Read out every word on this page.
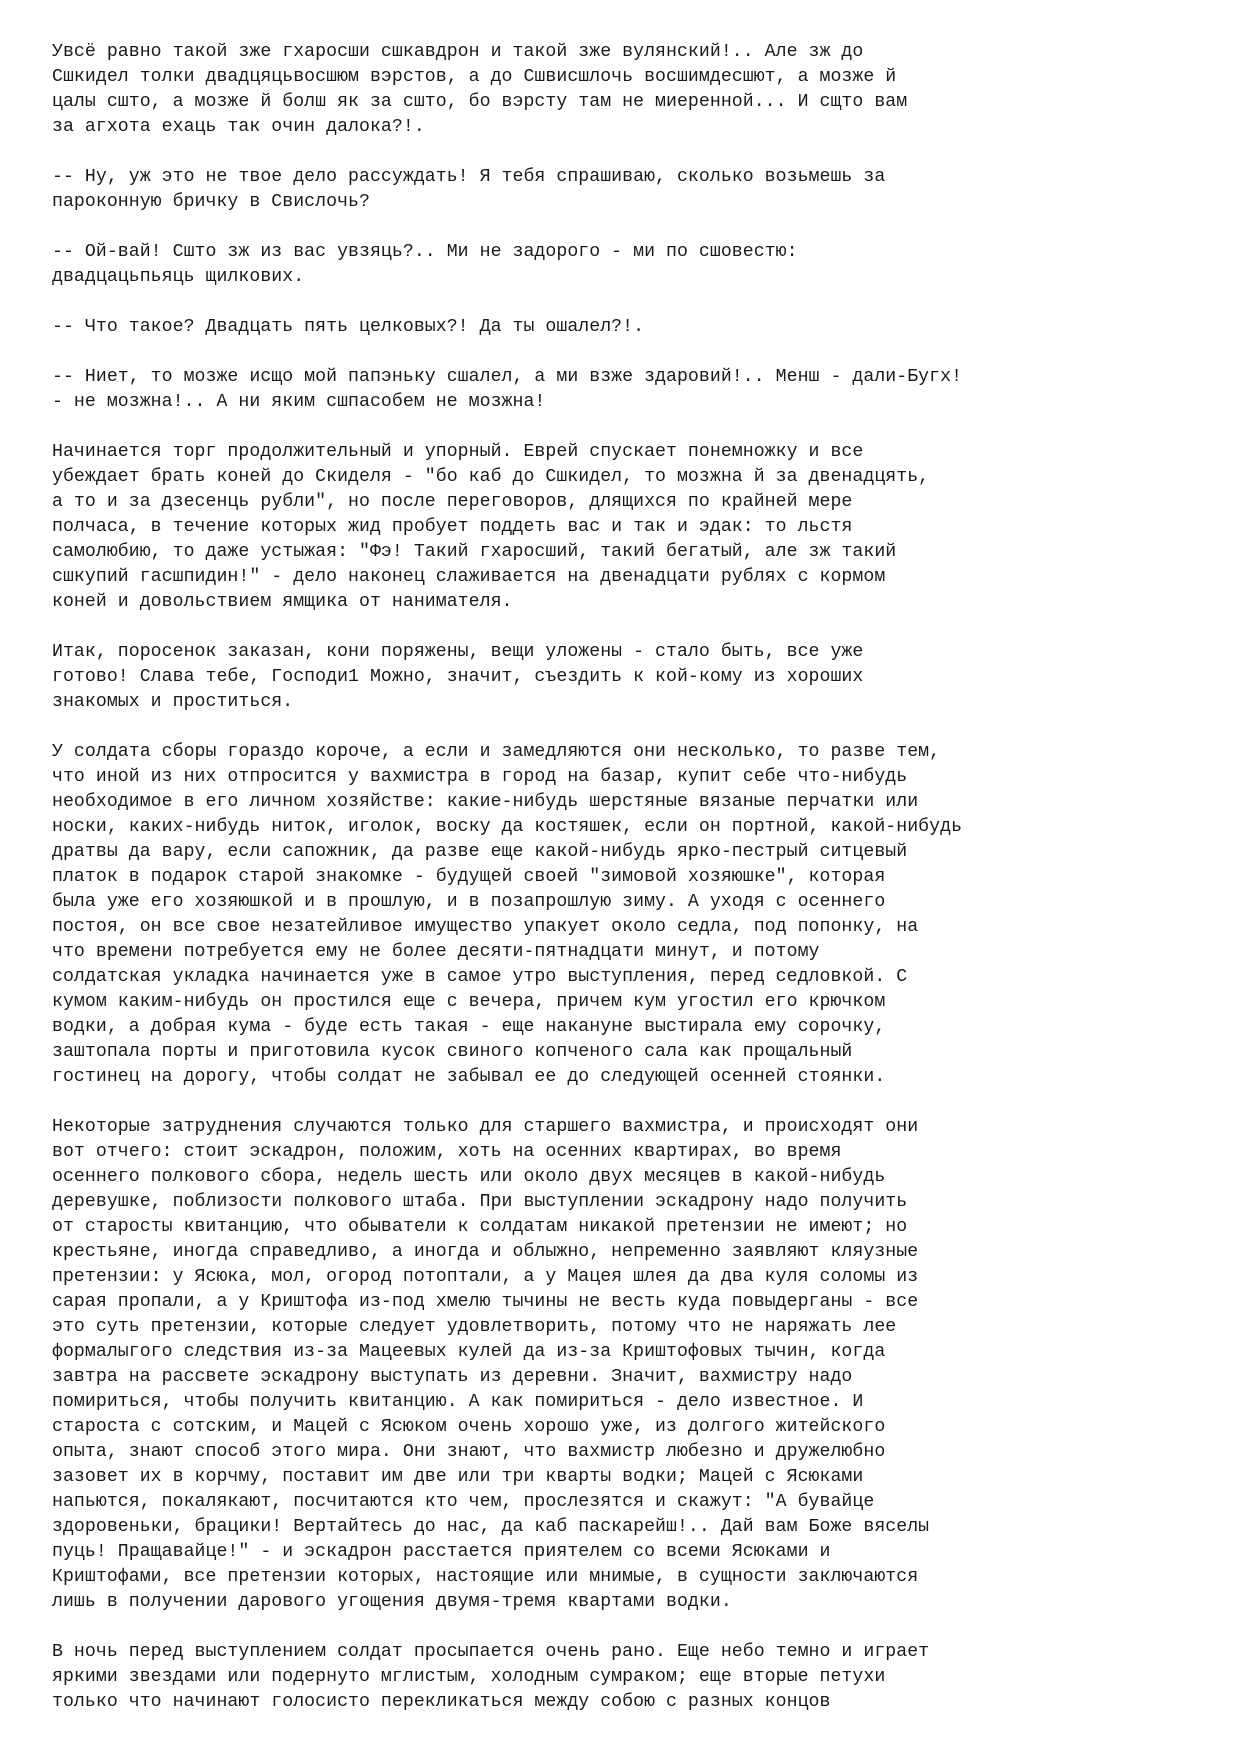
Увсё равно такой зже гхаросши сшкавдрон и такой зже вулянский!.. Але зж до
Сшкидел толки двадцяцьвосшюм вэрстов, а до Сшвисшлочь восшимдесшют, а мозже й
цалы сшто, а мозже й болш як за сшто, бо вэрсту там не миеренной... И сщто вам
за агхота ехаць так очин далока?!.
-- Ну, уж это не твое дело рассуждать! Я тебя спрашиваю, сколько возьмешь за
пароконную бричку в Свислочь?
-- Ой-вай! Сшто зж из вас увзяць?.. Ми не задорого - ми по сшовестю:
двадцацьпьяць щилкових.
-- Что такое? Двадцать пять целковых?! Да ты ошалел?!.
-- Ниет, то мозже исщо мой папэньку сшалел, а ми взже здаровий!.. Менш - дали-Бугх!
- не мозжна!.. А ни яким сшпасобем не мозжна!
Начинается торг продолжительный и упорный. Еврей спускает понемножку и все
убеждает брать коней до Скиделя - "бо каб до Сшкидел, то мозжна й за двенадцять,
а то и за дзесенць рубли", но после переговоров, длящихся по крайней мере
полчаса, в течение которых жид пробует поддеть вас и так и эдак: то льстя
самолюбию, то даже устыжая: "Фэ! Такий гхаросший, такий бегатый, але зж такий
сшкупий гасшпидин!" - дело наконец слаживается на двенадцати рублях с кормом
коней и довольствием ямщика от нанимателя.
Итак, поросенок заказан, кони поряжены, вещи уложены - стало быть, все уже
готово! Слава тебе, Господи1 Можно, значит, съездить к кой-кому из хороших
знакомых и проститься.
У солдата сборы гораздо короче, а если и замедляются они несколько, то разве тем,
что иной из них отпросится у вахмистра в город на базар, купит себе что-нибудь
необходимое в его личном хозяйстве: какие-нибудь шерстяные вязаные перчатки или
носки, каких-нибудь ниток, иголок, воску да костяшек, если он портной, какой-нибудь
дратвы да вару, если сапожник, да разве еще какой-нибудь ярко-пестрый ситцевый
платок в подарок старой знакомке - будущей своей "зимовой хозяюшке", которая
была уже его хозяюшкой и в прошлую, и в позапрошлую зиму. А уходя с осеннего
постоя, он все свое незатейливое имущество упакует около седла, под попонку, на
что времени потребуется ему не более десяти-пятнадцати минут, и потому
солдатская укладка начинается уже в самое утро выступления, перед седловкой. С
кумом каким-нибудь он простился еще с вечера, причем кум угостил его крючком
водки, а добрая кума - буде есть такая - еще накануне выстирала ему сорочку,
заштопала порты и приготовила кусок свиного копченого сала как прощальный
гостинец на дорогу, чтобы солдат не забывал ее до следующей осенней стоянки.
Некоторые затруднения случаются только для старшего вахмистра, и происходят они
вот отчего: стоит эскадрон, положим, хоть на осенних квартирах, во время
осеннего полкового сбора, недель шесть или около двух месяцев в какой-нибудь
деревушке, поблизости полкового штаба. При выступлении эскадрону надо получить
от старосты квитанцию, что обыватели к солдатам никакой претензии не имеют; но
крестьяне, иногда справедливо, а иногда и облыжно, непременно заявляют кляузные
претензии: у Ясюка, мол, огород потоптали, а у Мацея шлея да два куля соломы из
сарая пропали, а у Криштофа из-под хмелю тычины не весть куда повыдерганы - все
это суть претензии, которые следует удовлетворить, потому что не наряжать лее
формалыгого следствия из-за Мацеевых кулей да из-за Криштофовых тычин, когда
завтра на рассвете эскадрону выступать из деревни. Значит, вахмистру надо
помириться, чтобы получить квитанцию. А как помириться - дело известное. И
староста с сотским, и Мацей с Ясюком очень хорошо уже, из долгого житейского
опыта, знают способ этого мира. Они знают, что вахмистр любезно и дружелюбно
зазовет их в корчму, поставит им две или три кварты водки; Мацей с Ясюками
напьются, покалякают, посчитаются кто чем, прослезятся и скажут: "А бувайце
здоровеньки, брацики! Вертайтесь до нас, да каб паскарейш!.. Дай вам Боже вяселы
пуць! Пращавайце!" - и эскадрон расстается приятелем со всеми Ясюками и
Криштофами, все претензии которых, настоящие или мнимые, в сущности заключаются
лишь в получении дарового угощения двумя-тремя квартами водки.
В ночь перед выступлением солдат просыпается очень рано. Еще небо темно и играет
яркими звездами или подернуто мглистым, холодным сумраком; еще вторые петухи
только что начинают голосисто перекликаться между собою с разных концов
